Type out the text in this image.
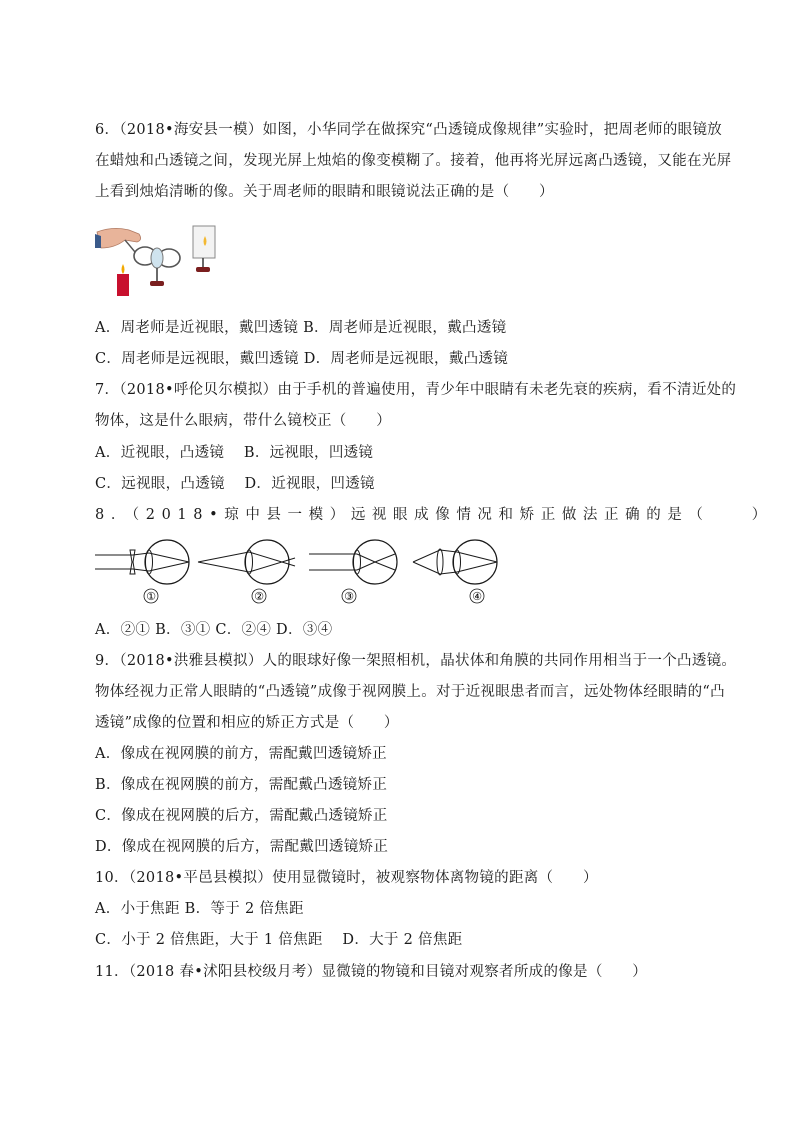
6．（2018•海安县一模）如图，小华同学在做探究“凸透镜成像规律”实验时，把周老师的眼镜放
在蜡烛和凸透镜之间，发现光屏上烛焰的像变模糊了。接着，他再将光屏远离凸透镜，又能在光屏
上看到烛焰清晰的像。关于周老师的眼睛和眼镜说法正确的是（　　）
A．周老师是近视眼，戴凹透镜 B．周老师是近视眼，戴凸透镜
C．周老师是远视眼，戴凹透镜 D．周老师是远视眼，戴凸透镜
7．（2018•呼伦贝尔模拟）由于手机的普遍使用，青少年中眼睛有未老先衰的疾病，看不清近处的
物体，这是什么眼病，带什么镜校正（　　）
A．近视眼，凸透镜　 B．远视眼，凹透镜
C．远视眼，凸透镜　 D．近视眼，凹透镜
8．（2018•琼中县一模）远视眼成像情况和矫正做法正确的是（　　）
①	②	③	④
A．②① B．③① C．②④ D．③④
9．（2018•洪雅县模拟）人的眼球好像一架照相机，晶状体和角膜的共同作用相当于一个凸透镜。
物体经视力正常人眼睛的“凸透镜”成像于视网膜上。对于近视眼患者而言，远处物体经眼睛的“凸
透镜”成像的位置和相应的矫正方式是（　　）
A．像成在视网膜的前方，需配戴凹透镜矫正
B．像成在视网膜的前方，需配戴凸透镜矫正
C．像成在视网膜的后方，需配戴凸透镜矫正
D．像成在视网膜的后方，需配戴凹透镜矫正
10．（2018•平邑县模拟）使用显微镜时，被观察物体离物镜的距离（　　）
A．小于焦距 B．等于 2 倍焦距
C．小于 2 倍焦距，大于 1 倍焦距　 D．大于 2 倍焦距
11．（2018 春•沭阳县校级月考）显微镜的物镜和目镜对观察者所成的像是（　　）
